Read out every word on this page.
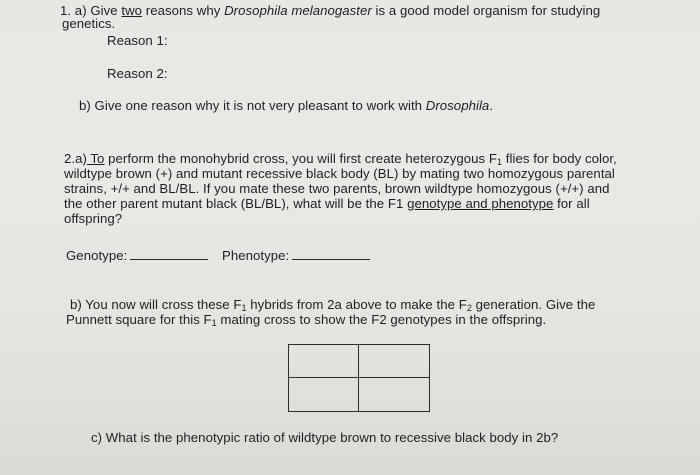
1. a) Give two reasons why Drosophila melanogaster is a good model organism for studying
genetics.
Reason 1:
Reason 2:
b) Give one reason why it is not very pleasant to work with Drosophila.
2.a) To perform the monohybrid cross, you will first create heterozygous $F_1$ flies for body color,
wildtype brown (+) and mutant recessive black body (BL) by mating two homozygous parental
strains, +/+ and BL/BL. If you mate these two parents, brown wildtype homozygous (+/+) and
the other parent mutant black (BL/BL), what will be the F1 genotype and phenotype for all
offspring?
Genotype:	Phenotype:
b) You now will cross these $F_1$ hybrids from 2a above to make the $F_2$ generation. Give the
Punnett square for this $F_1$ mating cross to show the F2 genotypes in the offspring.
c) What is the phenotypic ratio of wildtype brown to recessive black body in 2b?
